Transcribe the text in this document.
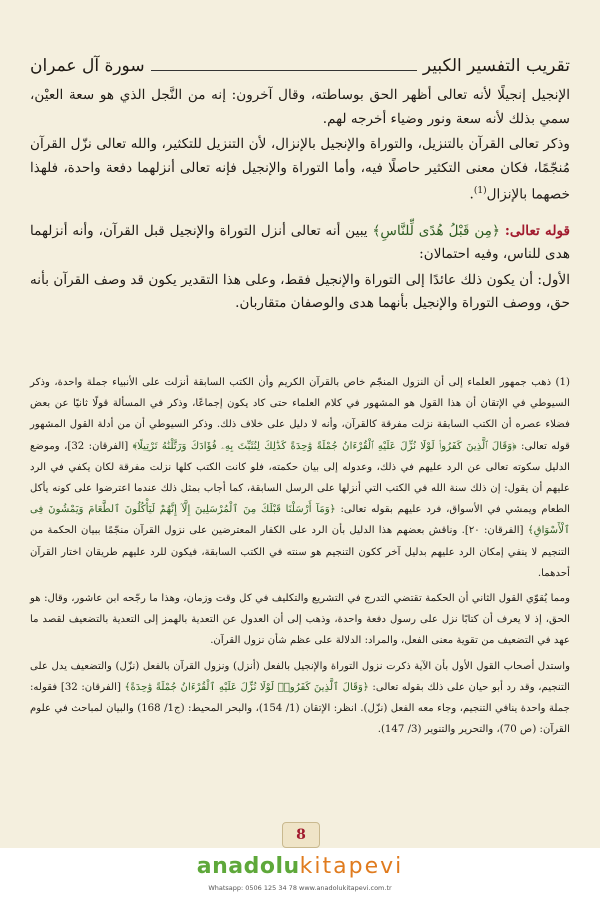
تقريب التفسير الكبير
سورة آل عمران

الإنجيل إنجيلًا لأنه تعالى أظهر الحق بوساطته، وقال آخرون: إنه من النَّجل الذي هو سعة العيْن، سمي بذلك لأنه سعة ونور وضياء أخرجه لهم.

وذكر تعالى القرآن بالتنزيل، والتوراة والإنجيل بالإنزال، لأن التنزيل للتكثير، والله تعالى نزّل القرآن مُنجّمًا، فكان معنى التكثير حاصلًا فيه، وأما التوراة والإنجيل فإنه تعالى أنزلهما دفعة واحدة، فلهذا خصهما بالإنزال$^{(1)}$.

قوله تعالى: ﴿مِن قَبْلُ هُدًى لِّلنَّاسِ﴾ يبين أنه تعالى أنزل التوراة والإنجيل قبل القرآن، وأنه أنزلهما هدى للناس، وفيه احتمالان:

الأول: أن يكون ذلك عائدًا إلى التوراة والإنجيل فقط، وعلى هذا التقدير يكون قد وصف القرآن بأنه حق، ووصف التوراة والإنجيل بأنهما هدى والوصفان متقاربان.

(1) ذهب جمهور العلماء إلى أن النزول المنجّم خاص بالقرآن الكريم وأن الكتب السابقة أنزلت على الأنبياء جملة واحدة، وذكر السيوطي في الإتقان أن هذا القول هو المشهور في كلام العلماء حتى كاد يكون إجماعًا، وذكر في المسألة قولًا ثانيًا عن بعض فضلاء عصره أن الكتب السابقة نزلت مفرقة كالقرآن، وأنه لا دليل على خلاف ذلك. وذكر السيوطي أن من أدلة القول المشهور قوله تعالى: ﴿وَقَالَ ٱلَّذِينَ كَفَرُوا۟ لَوْلَا نُزِّلَ عَلَيْهِ ٱلْقُرْءَانُ جُمْلَةً وَٰحِدَةً كَذَٰلِكَ لِنُثَبِّتَ بِهِۦ فُؤَادَكَ وَرَتَّلْنَٰهُ تَرْتِيلًا﴾ [الفرقان: 32]، وموضع الدليل سكوته تعالى عن الرد عليهم في ذلك، وعدوله إلى بيان حكمته، فلو كانت الكتب كلها نزلت مفرقة لكان يكفي في الرد عليهم أن يقول: إن ذلك سنة الله في الكتب التي أنزلها على الرسل السابقة، كما أجاب بمثل ذلك عندما اعترضوا على كونه يأكل الطعام ويمشي في الأسواق، فرد عليهم بقوله تعالى: ﴿وَمَآ أَرْسَلْنَا قَبْلَكَ مِنَ ٱلْمُرْسَلِينَ إِلَّآ إِنَّهُمْ لَيَأْكُلُونَ ٱلطَّعَامَ وَيَمْشُونَ فِى ٱلْأَسْوَاقِ﴾ [الفرقان: ٢٠]. وناقش بعضهم هذا الدليل بأن الرد على الكفار المعترضين على نزول القرآن منجّمًا ببيان الحكمة من التنجيم لا ينفي إمكان الرد عليهم بدليل آخر ككون التنجيم هو سنته في الكتب السابقة، فيكون للرد عليهم طريقان اختار القرآن أحدهما.

ومما يُقوّي القول الثاني أن الحكمة تقتضي التدرج في التشريع والتكليف في كل وقت وزمان، وهذا ما رجّحه ابن عاشور، وقال: هو الحق، إذ لا يعرف أن كتابًا نزل على رسول دفعة واحدة، وذهب إلى أن العدول عن التعدية بالهمز إلى التعدية بالتضعيف لقصد ما عهد في التضعيف من تقوية معنى الفعل، والمراد: الدلالة على عظم شأن نزول القرآن.

واستدل أصحاب القول الأول بأن الآية ذكرت نزول التوراة والإنجيل بالفعل (أنزل) ونزول القرآن بالفعل (نزّل) والتضعيف يدل على التنجيم، وقد رد أبو حيان على ذلك بقوله تعالى: ﴿وَقَالَ ٱلَّذِينَ كَفَرُوا۟ لَوْلَا نُزِّلَ عَلَيْهِ ٱلْقُرْءَانُ جُمْلَةً وَٰحِدَةً﴾ [الفرقان: 32] فقوله: جملة واحدة ينافي التنجيم، وجاء معه الفعل (نزّل). انظر: الإتقان (1/ 154)، والبحر المحيط: (ج1/ 168) والبيان لمباحث في علوم القرآن: (ص 70)، والتحرير والتنوير (3/ 147).

8
anadolukitapevi
Whatsapp: 0506 125 34 78 www.anadolukitapevi.com.tr
